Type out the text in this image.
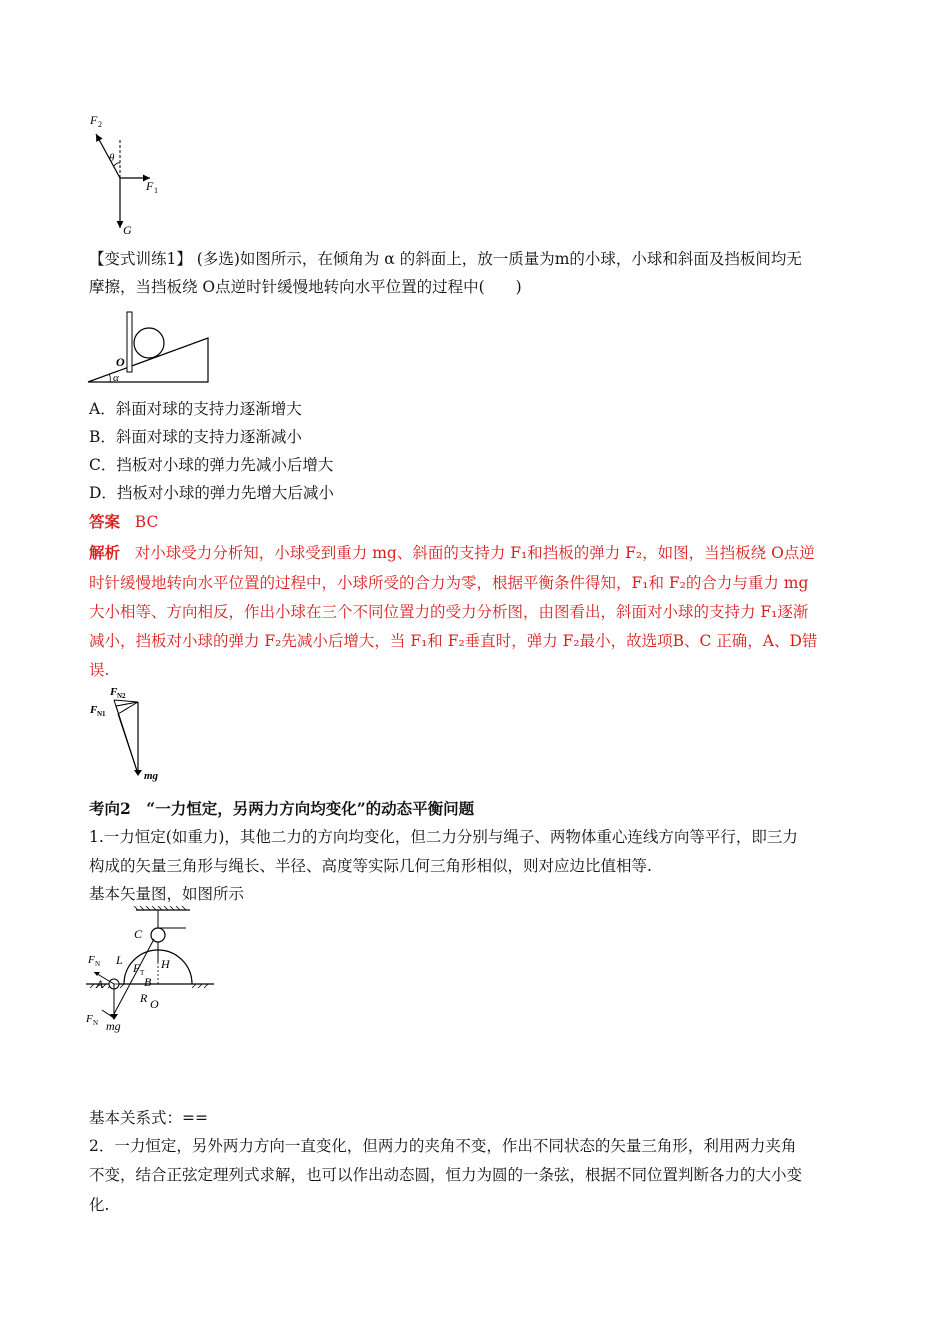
F 2
θ
F 1
G
【变式训练1】 (多选)如图所示，在倾角为 α 的斜面上，放一质量为m的小球，小球和斜面及挡板间均无
摩擦，当挡板绕 O点逆时针缓慢地转向水平位置的过程中(　　)
O
α
A．斜面对球的支持力逐渐增大
B．斜面对球的支持力逐渐减小
C．挡板对小球的弹力先减小后增大
D．挡板对小球的弹力先增大后减小
答案 BC
解析 对小球受力分析知，小球受到重力 mg、斜面的支持力 F₁和挡板的弹力 F₂，如图，当挡板绕 O点逆
时针缓慢地转向水平位置的过程中，小球所受的合力为零，根据平衡条件得知，F₁和 F₂的合力与重力 mg
大小相等、方向相反，作出小球在三个不同位置力的受力分析图，由图看出，斜面对小球的支持力 F₁逐渐
减小，挡板对小球的弹力 F₂先减小后增大，当 F₁和 F₂垂直时，弹力 F₂最小，故选项B、C 正确，A、D错
误.
F N2
F N1
mg
考向2　“一力恒定，另两力方向均变化”的动态平衡问题
1.一力恒定(如重力)，其他二力的方向均变化，但二力分别与绳子、两物体重心连线方向等平行，即三力
构成的矢量三角形与绳长、半径、高度等实际几何三角形相似，则对应边比值相等.
基本矢量图，如图所示
C
L
F T
H
B
F N
A
R O
F N mg
基本关系式：==
2．一力恒定，另外两力方向一直变化，但两力的夹角不变，作出不同状态的矢量三角形，利用两力夹角
不变，结合正弦定理列式求解，也可以作出动态圆，恒力为圆的一条弦，根据不同位置判断各力的大小变
化.
